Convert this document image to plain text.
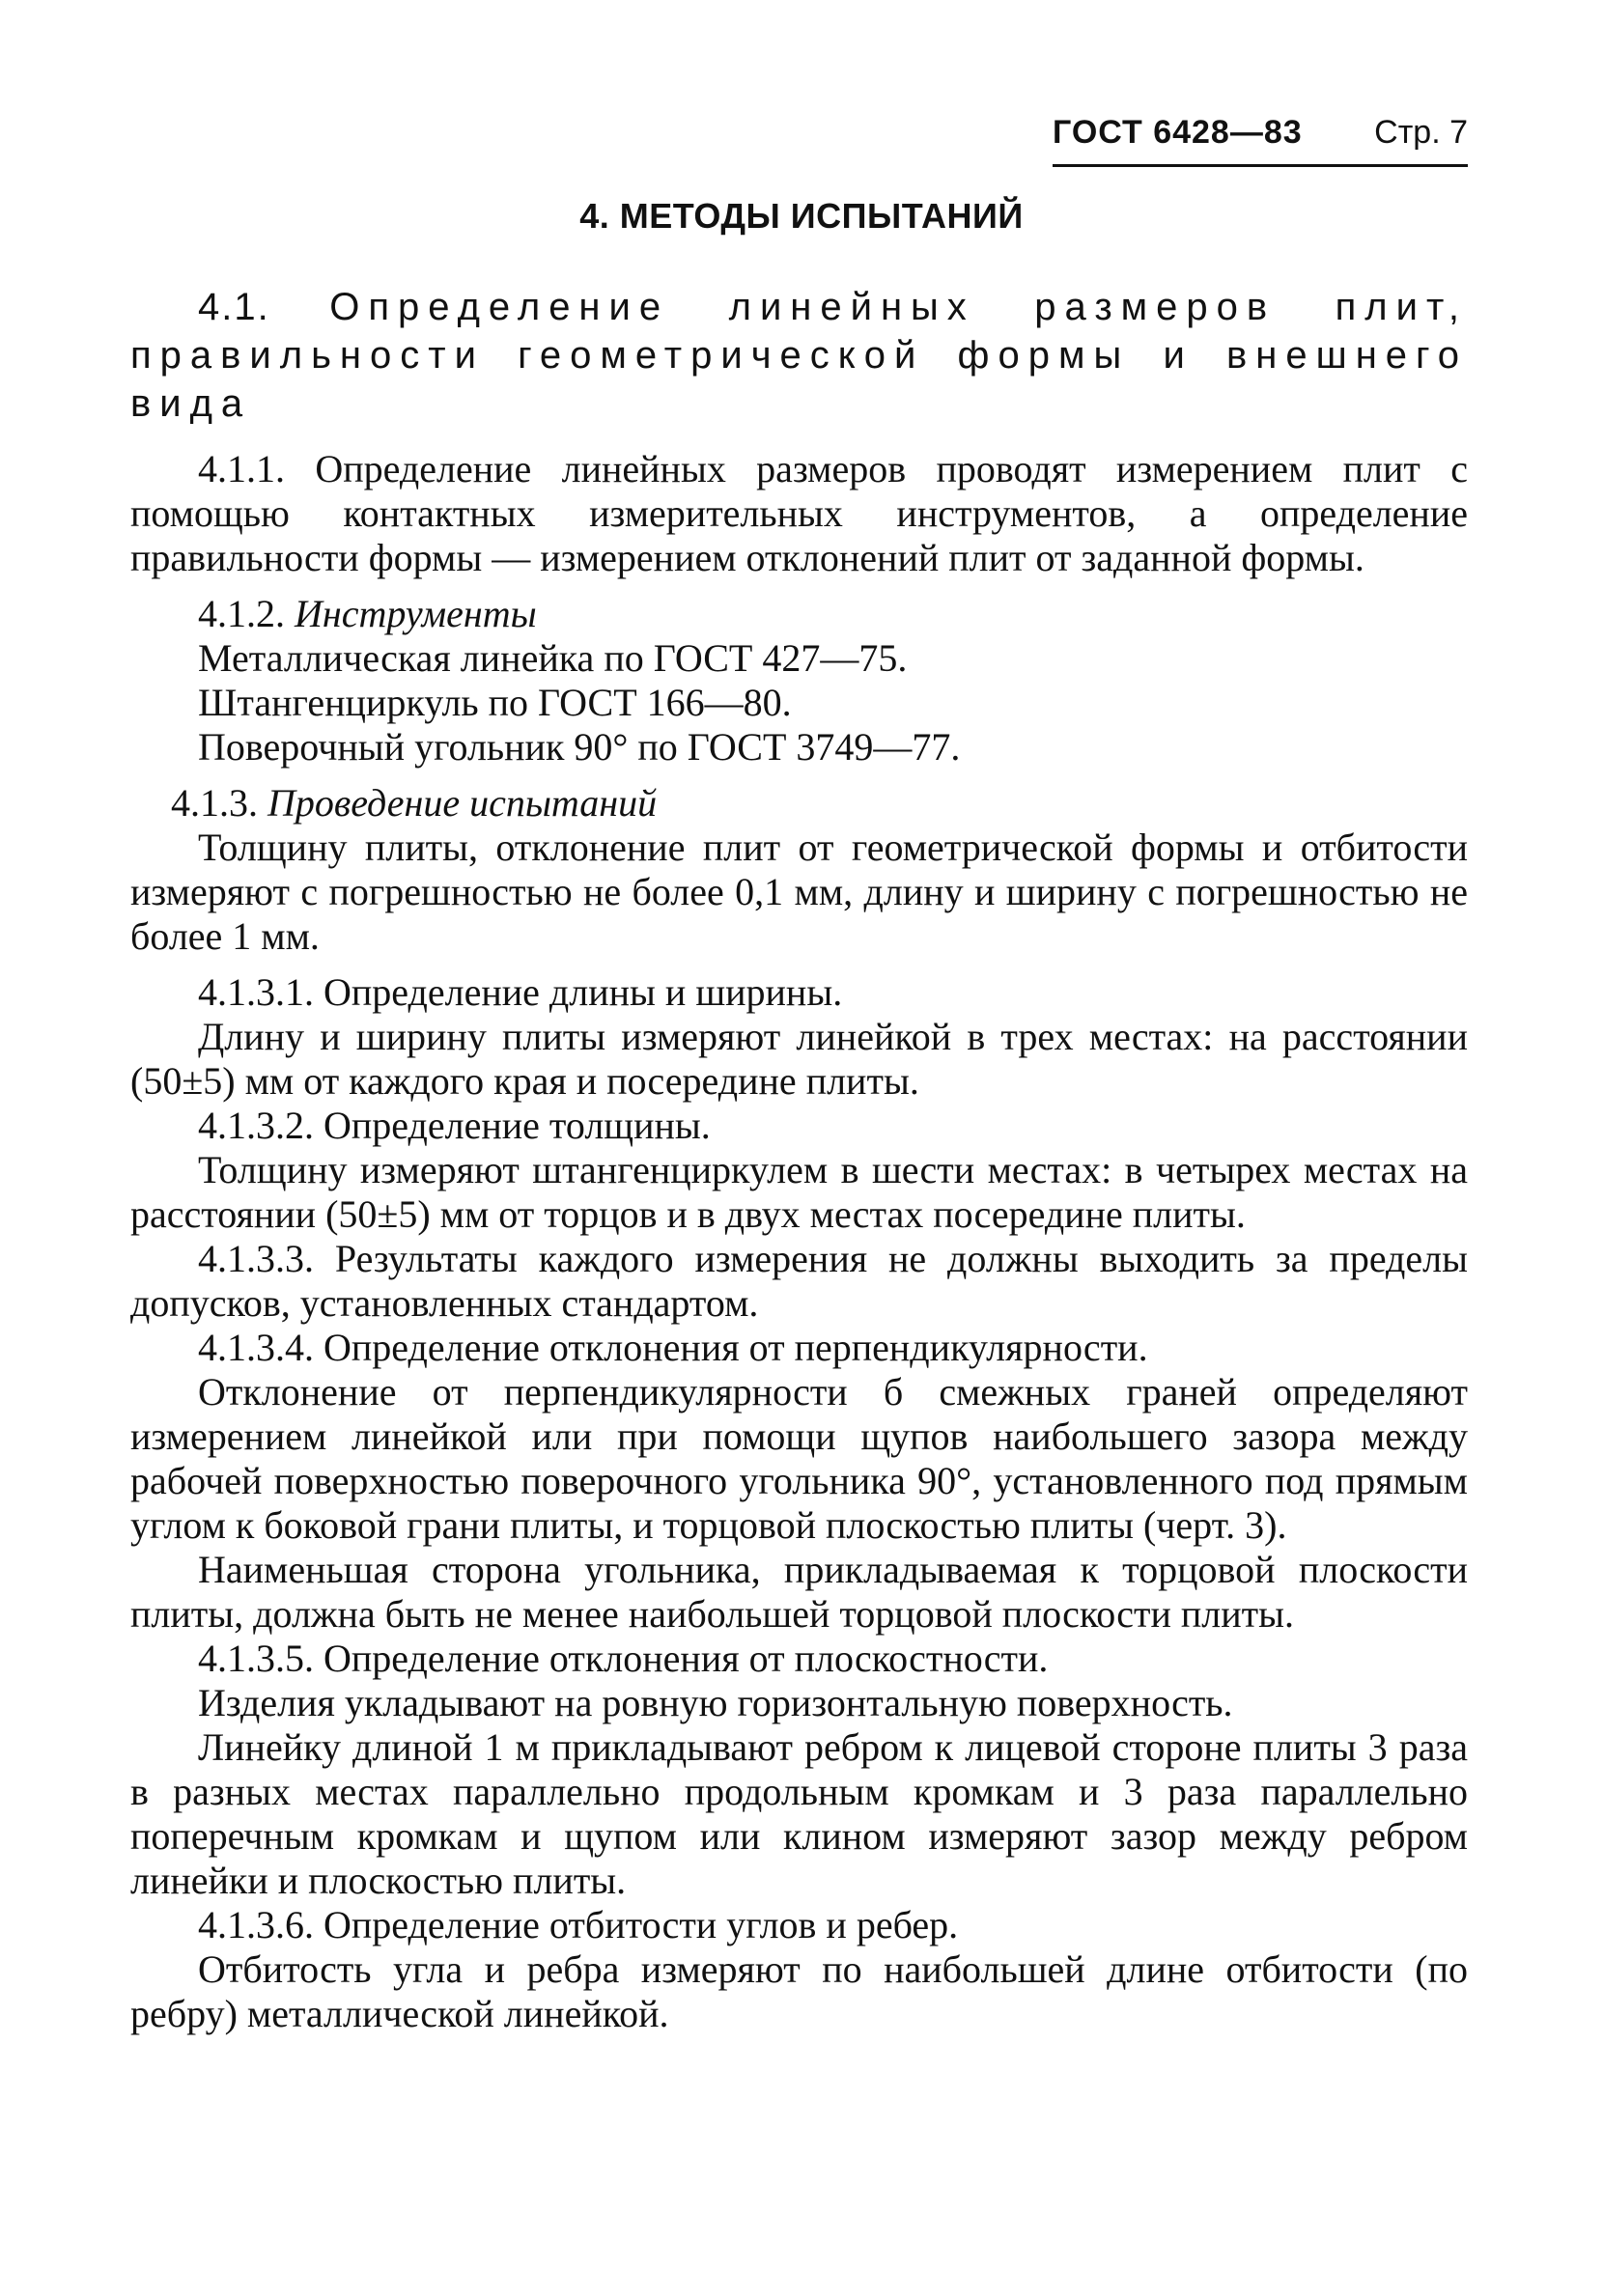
ГОСТ 6428—83 Стр. 7
4. МЕТОДЫ ИСПЫТАНИЙ

4.1. Определение линейных размеров плит, правильности геометрической формы и внешнего вида

4.1.1. Определение линейных размеров проводят измерением плит с помощью контактных измерительных инструментов, а определение правильности формы — измерением отклонений плит от заданной формы.

4.1.2. Инструменты

Металлическая линейка по ГОСТ 427—75.
Штангенциркуль по ГОСТ 166—80.
Поверочный угольник 90° по ГОСТ 3749—77.

4.1.3. Проведение испытаний

Толщину плиты, отклонение плит от геометрической формы и отбитости измеряют с погрешностью не более 0,1 мм, длину и ширину с погрешностью не более 1 мм.

4.1.3.1. Определение длины и ширины.

Длину и ширину плиты измеряют линейкой в трех местах: на расстоянии (50±5) мм от каждого края и посередине плиты.

4.1.3.2. Определение толщины.

Толщину измеряют штангенциркулем в шести местах: в четырех местах на расстоянии (50±5) мм от торцов и в двух местах посередине плиты.

4.1.3.3. Результаты каждого измерения не должны выходить за пределы допусков, установленных стандартом.

4.1.3.4. Определение отклонения от перпендикулярности.

Отклонение от перпендикулярности б смежных граней определяют измерением линейкой или при помощи щупов наибольшего зазора между рабочей поверхностью поверочного угольника 90°, установленного под прямым углом к боковой грани плиты, и торцовой плоскостью плиты (черт. 3).

Наименьшая сторона угольника, прикладываемая к торцовой плоскости плиты, должна быть не менее наибольшей торцовой плоскости плиты.

4.1.3.5. Определение отклонения от плоскостности.

Изделия укладывают на ровную горизонтальную поверхность.

Линейку длиной 1 м прикладывают ребром к лицевой стороне плиты 3 раза в разных местах параллельно продольным кромкам и 3 раза параллельно поперечным кромкам и щупом или клином измеряют зазор между ребром линейки и плоскостью плиты.

4.1.3.6. Определение отбитости углов и ребер.

Отбитость угла и ребра измеряют по наибольшей длине отбитости (по ребру) металлической линейкой.
